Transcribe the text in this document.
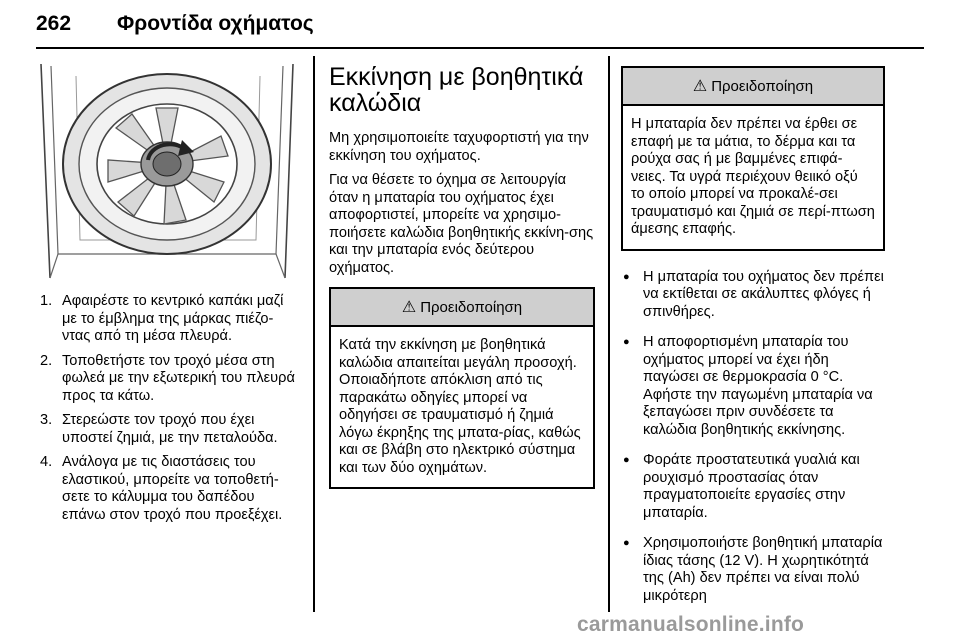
262 Φροντίδα οχήματος
1. Αφαιρέστε το κεντρικό καπάκι μαζί με το έμβλημα της μάρκας πιέζο‐ντας από τη μέσα πλευρά.
2. Τοποθετήστε τον τροχό μέσα στη φωλεά με την εξωτερική του πλευρά προς τα κάτω.
3. Στερεώστε τον τροχό που έχει υποστεί ζημιά, με την πεταλούδα.
4. Ανάλογα με τις διαστάσεις του ελαστικού, μπορείτε να τοποθετή‐σετε το κάλυμμα του δαπέδου επάνω στον τροχό που προεξέχει.
Εκκίνηση με βοηθητικά καλώδια

Μη χρησιμοποιείτε ταχυφορτιστή για την εκκίνηση του οχήματος.

Για να θέσετε το όχημα σε λειτουργία όταν η μπαταρία του οχήματος έχει αποφορτιστεί, μπορείτε να χρησιμο‐ποιήσετε καλώδια βοηθητικής εκκίνη‐σης και την μπαταρία ενός δεύτερου οχήματος.

⚠ Προειδοποίηση
Κατά την εκκίνηση με βοηθητικά καλώδια απαιτείται μεγάλη προσοχή. Οποιαδήποτε απόκλιση από τις παρακάτω οδηγίες μπορεί να οδηγήσει σε τραυματισμό ή ζημιά λόγω έκρηξης της μπατα‐ρίας, καθώς και σε βλάβη στο ηλεκτρικό σύστημα και των δύο οχημάτων.
⚠ Προειδοποίηση
Η μπαταρία δεν πρέπει να έρθει σε επαφή με τα μάτια, το δέρμα και τα ρούχα σας ή με βαμμένες επιφά‐νειες. Τα υγρά περιέχουν θειικό οξύ το οποίο μπορεί να προκαλέ‐σει τραυματισμό και ζημιά σε περί‐πτωση άμεσης επαφής.
● Η μπαταρία του οχήματος δεν πρέπει να εκτίθεται σε ακάλυπτες φλόγες ή σπινθήρες.
● Η αποφορτισμένη μπαταρία του οχήματος μπορεί να έχει ήδη παγώσει σε θερμοκρασία 0 °C. Αφήστε την παγωμένη μπαταρία να ξεπαγώσει πριν συνδέσετε τα καλώδια βοηθητικής εκκίνησης.
● Φοράτε προστατευτικά γυαλιά και ρουχισμό προστασίας όταν πραγματοποιείτε εργασίες στην μπαταρία.
● Χρησιμοποιήστε βοηθητική μπαταρία ίδιας τάσης (12 V). Η χωρητικότητά της (Ah) δεν πρέπει να είναι πολύ μικρότερη
carmanualsonline.info
